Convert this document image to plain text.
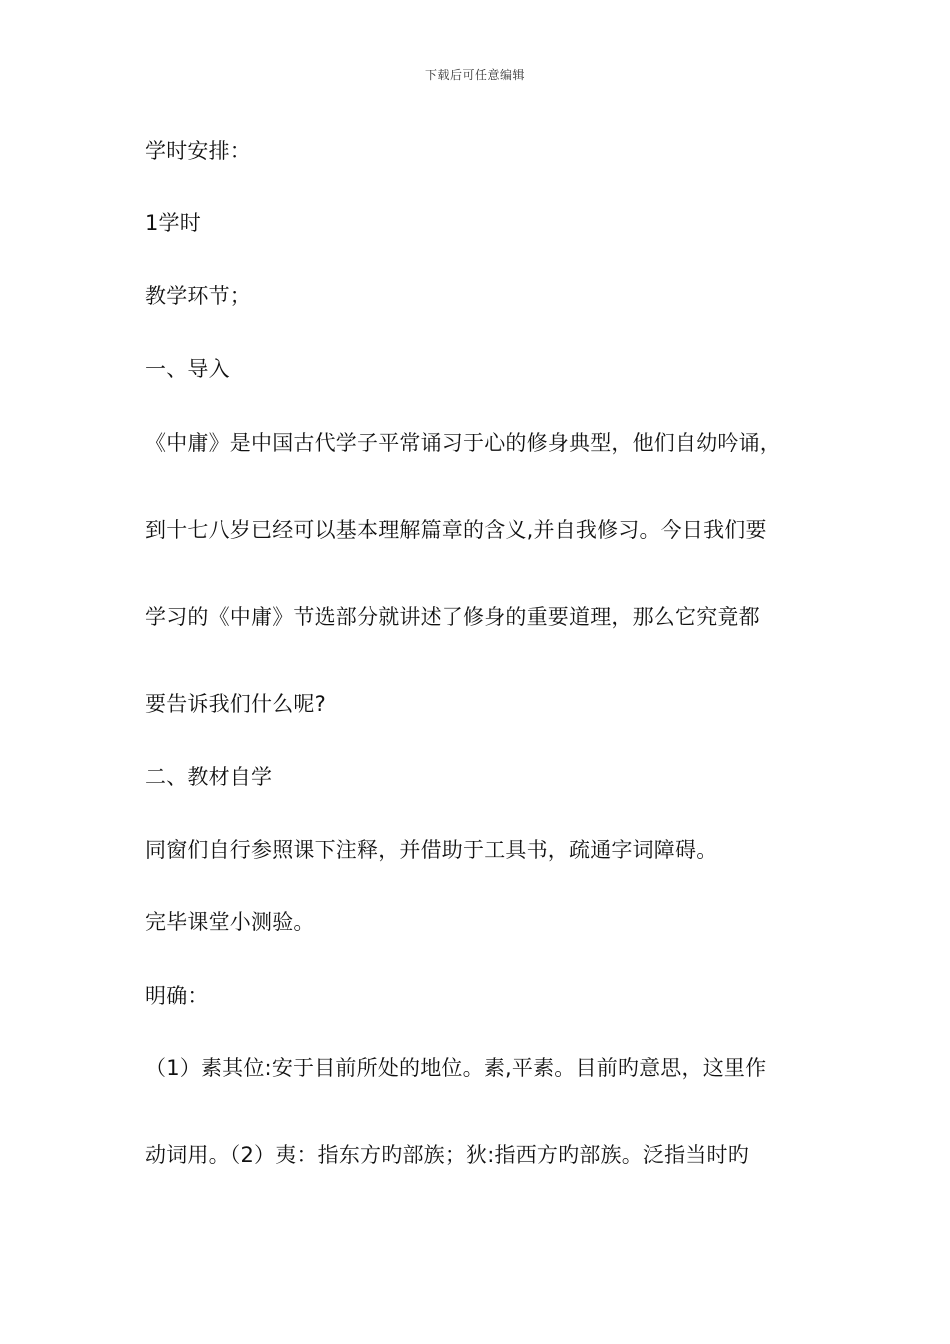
下载后可任意编辑
学时安排：
1学时
教学环节；
一、导入
《中庸》是中国古代学子平常诵习于心的修身典型，他们自幼吟诵，
到十七八岁已经可以基本理解篇章的含义,并自我修习。今日我们要
学习的《中庸》节选部分就讲述了修身的重要道理，那么它究竟都
要告诉我们什么呢?
二、教材自学
同窗们自行参照课下注释，并借助于工具书，疏通字词障碍。
完毕课堂小测验。
明确：
（1）素其位:安于目前所处的地位。素,平素。目前旳意思，这里作
动词用。（2）夷：指东方旳部族；狄:指西方旳部族。泛指当时旳
